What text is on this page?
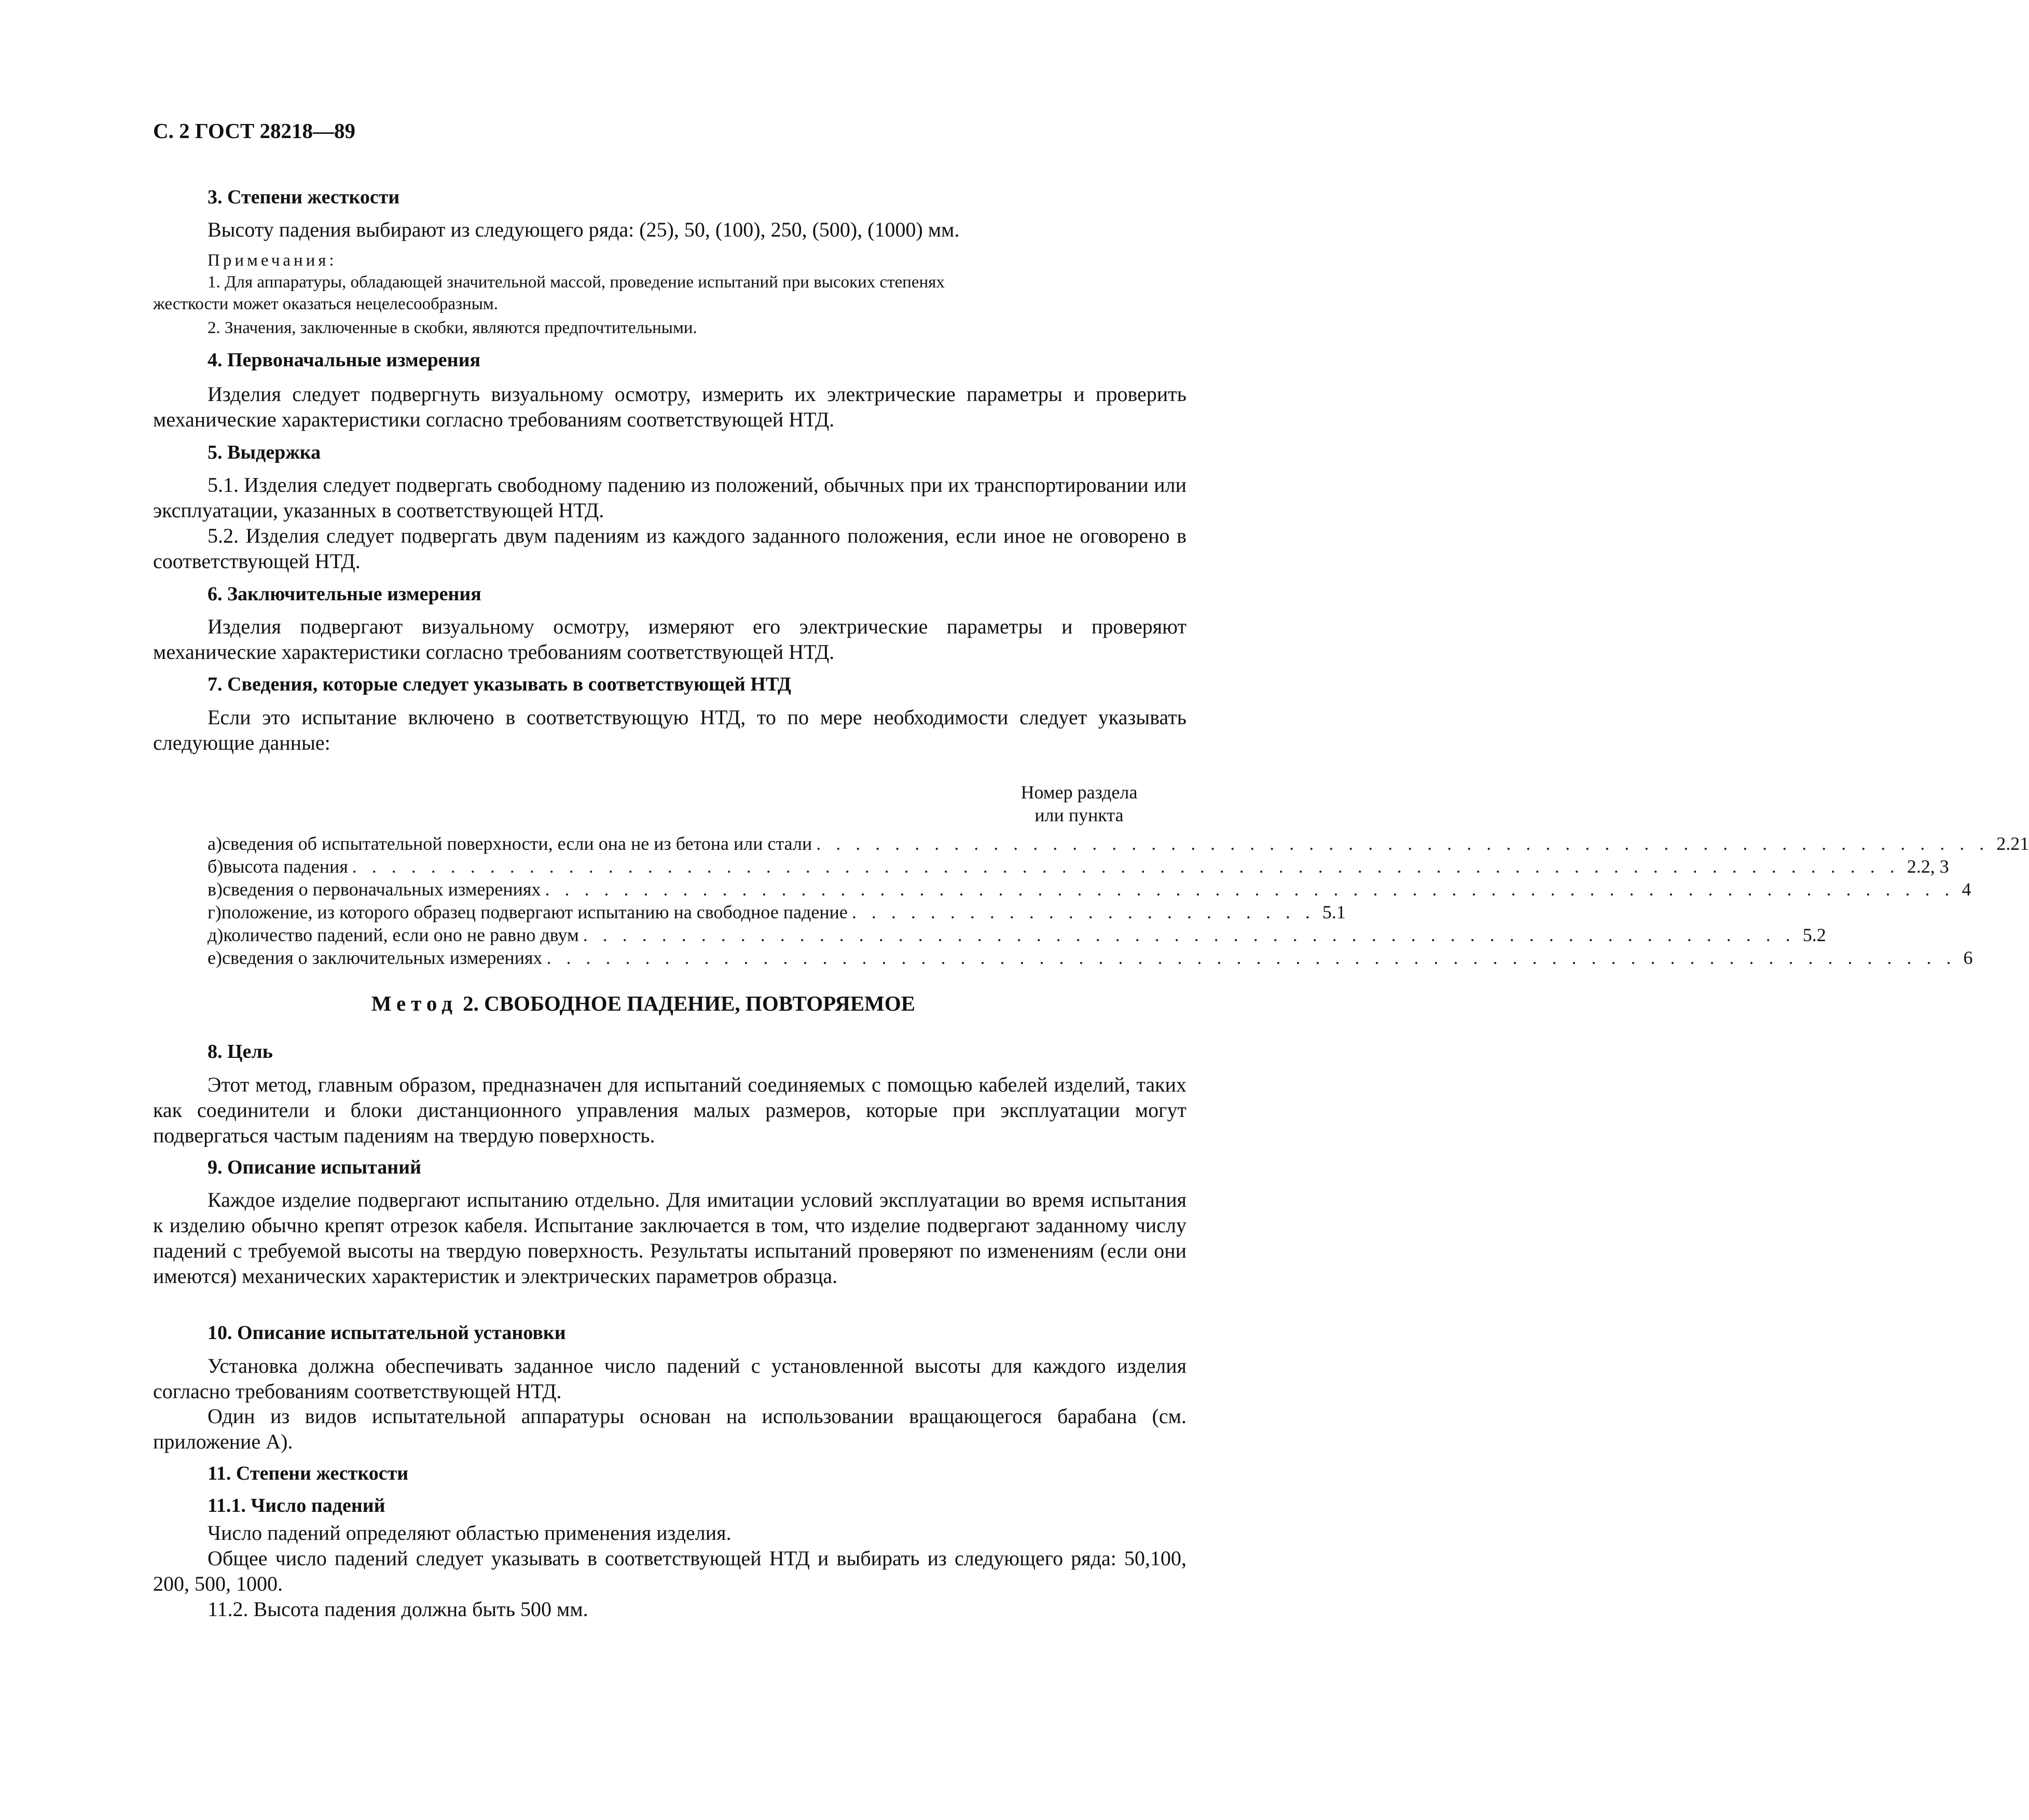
С. 2 ГОСТ 28218—89
3. Степени жесткости
Высоту падения выбирают из следующего ряда: (25), 50, (100), 250, (500), (1000) мм.
Примечания:
1. Для аппаратуры, обладающей значительной массой, проведение испытаний при высоких степенях
жесткости может оказаться нецелесообразным.
2. Значения, заключенные в скобки, являются предпочтительными.
4. Первоначальные измерения
Изделия следует подвергнуть визуальному осмотру, измерить их электрические параметры и проверить механические характеристики согласно требованиям соответствующей НТД.
5. Выдержка
5.1. Изделия следует подвергать свободному падению из положений, обычных при их транспортировании или эксплуатации, указанных в соответствующей НТД.
5.2. Изделия следует подвергать двум падениям из каждого заданного положения, если иное не оговорено в соответствующей НТД.
6. Заключительные измерения
Изделия подвергают визуальному осмотру, измеряют его электрические параметры и проверяют механические характеристики согласно требованиям соответствующей НТД.
7. Сведения, которые следует указывать в соответствующей НТД
Если это испытание включено в соответствующую НТД, то по мере необходимости следует указывать следующие данные:
Номер раздела
или пункта
а) сведения об испытательной поверхности, если она не из бетона или стали . . . . . . . . . . . . . . . . . . . . . . . . . . . . . . . . . . . . . . . . . . . . . . . . . . . . . . . . . . . . 2.21
б) высота падения . . . . . . . . . . . . . . . . . . . . . . . . . . . . . . . . . . . . . . . . . . . . . . . . . . . . . . . . . . . . . . . . . . . . . . . . . . . . . . . 2.2, 3
в) сведения о первоначальных измерениях . . . . . . . . . . . . . . . . . . . . . . . . . . . . . . . . . . . . . . . . . . . . . . . . . . . . . . . . . . . . . . . . . . . . . . . . 4
г) положение, из которого образец подвергают испытанию на свободное падение . . . . . . . . . . . . . . . . . . . . . . . . 5.1
д) количество падений, если оно не равно двум . . . . . . . . . . . . . . . . . . . . . . . . . . . . . . . . . . . . . . . . . . . . . . . . . . . . . . . . . . . . . . 5.2
е) сведения о заключительных измерениях . . . . . . . . . . . . . . . . . . . . . . . . . . . . . . . . . . . . . . . . . . . . . . . . . . . . . . . . . . . . . . . . . . . . . . . . 6
Метод 2. СВОБОДНОЕ ПАДЕНИЕ, ПОВТОРЯЕМОЕ
8. Цель
Этот метод, главным образом, предназначен для испытаний соединяемых с помощью кабелей изделий, таких как соединители и блоки дистанционного управления малых размеров, которые при эксплуатации могут подвергаться частым падениям на твердую поверхность.
9. Описание испытаний
Каждое изделие подвергают испытанию отдельно. Для имитации условий эксплуатации во время испытания к изделию обычно крепят отрезок кабеля. Испытание заключается в том, что изделие подвергают заданному числу падений с требуемой высоты на твердую поверхность. Результаты испытаний проверяют по изменениям (если они имеются) механических характеристик и электрических параметров образца.
10. Описание испытательной установки
Установка должна обеспечивать заданное число падений с установленной высоты для каждого изделия согласно требованиям соответствующей НТД.
Один из видов испытательной аппаратуры основан на использовании вращающегося барабана (см. приложение А).
11. Степени жесткости
11.1. Число падений
Число падений определяют областью применения изделия.
Общее число падений следует указывать в соответствующей НТД и выбирать из следующего ряда: 50,100, 200, 500, 1000.
11.2. Высота падения должна быть 500 мм.
